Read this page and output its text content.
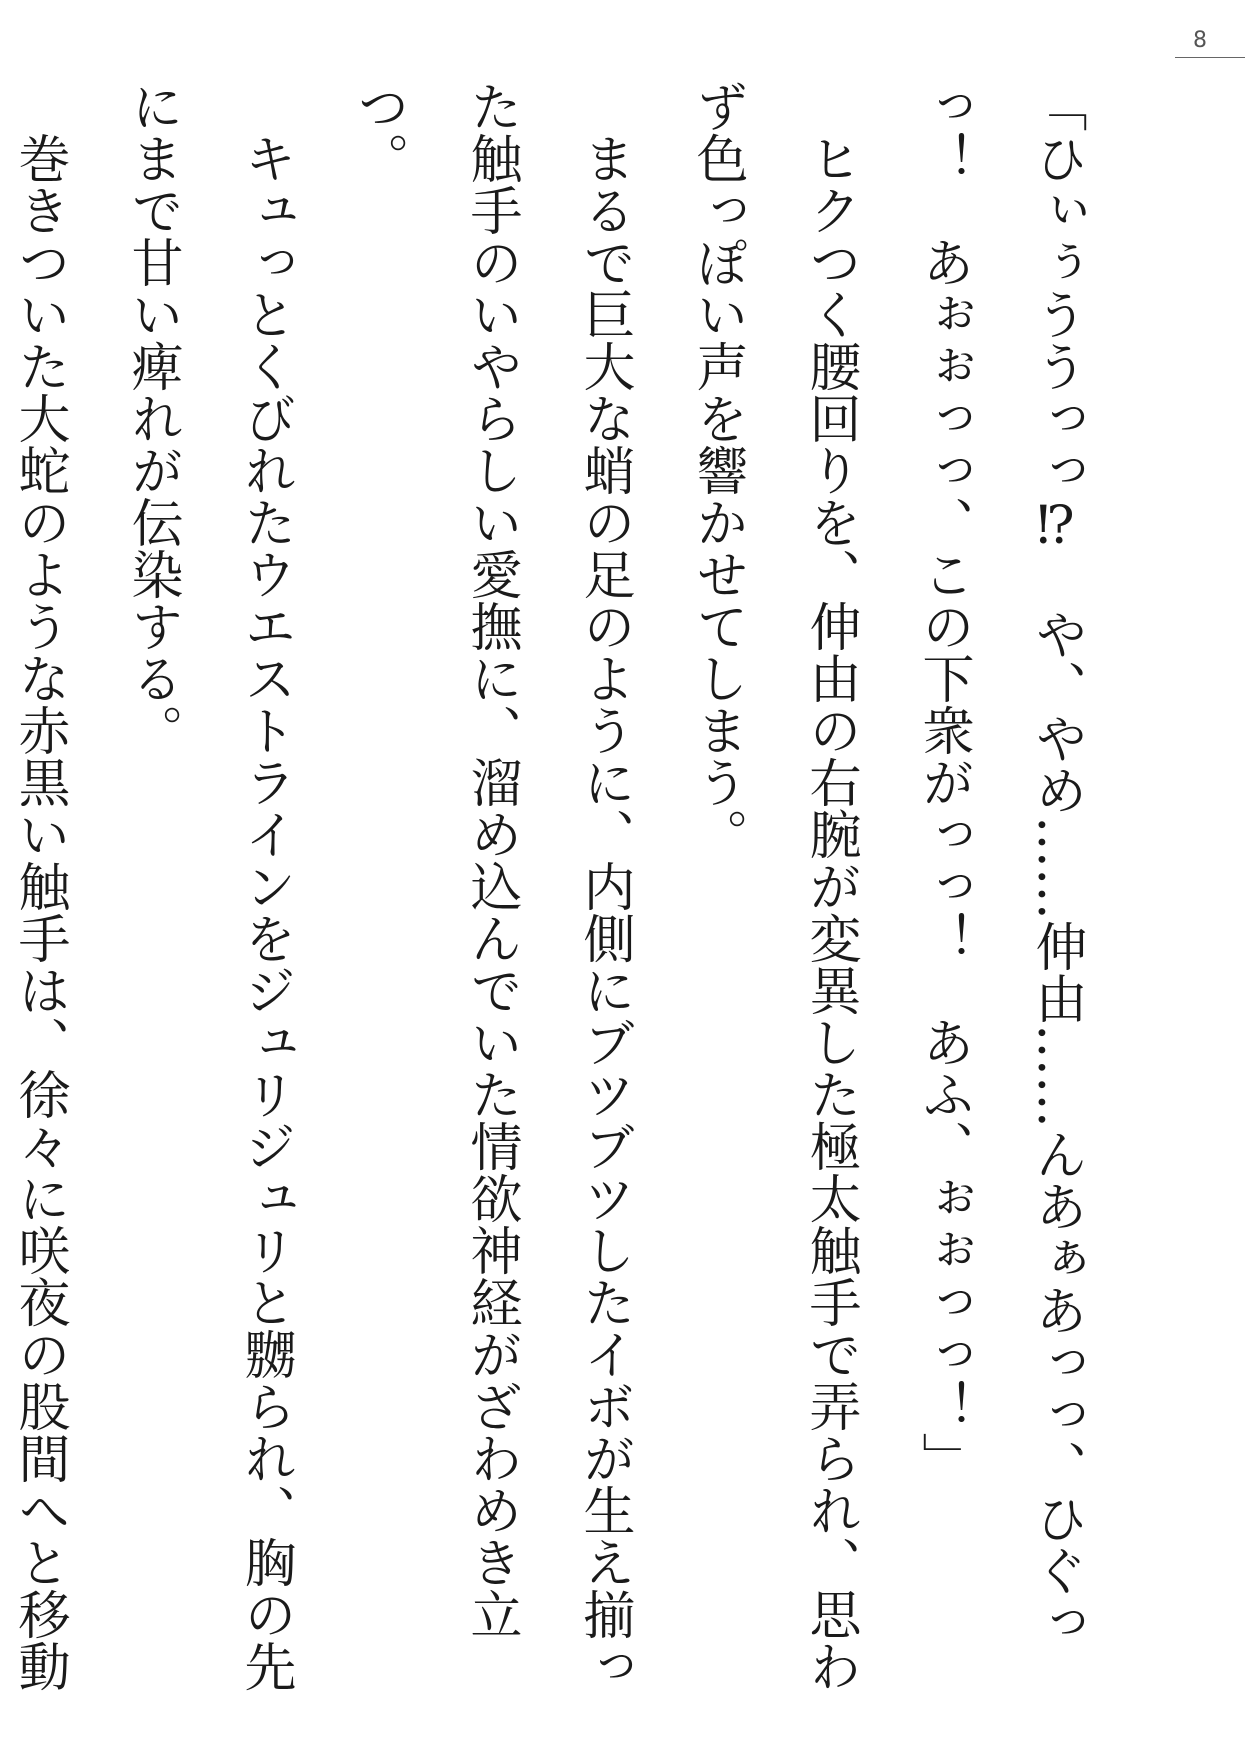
8

「ひぃぅううっっ⁉　や、やめ……伸由……んあぁあっっ、ひぐっっ！　あぉぉっっ、この下衆がっっ！　あふ、ぉぉっっ！」

ヒクつく腰回りを、伸由の右腕が変異した極太触手で弄られ、思わず色っぽい声を響かせてしまう。

まるで巨大な蛸の足のように、内側にブツブツしたイボが生え揃った触手のいやらしい愛撫に、溜め込んでいた情欲神経がざわめき立つ。

キュっとくびれたウエストラインをジュリジュリと嬲られ、胸の先にまで甘い痺れが伝染する。

巻きついた大蛇のような赤黒い触手は、徐々に咲夜の股間へと移動
